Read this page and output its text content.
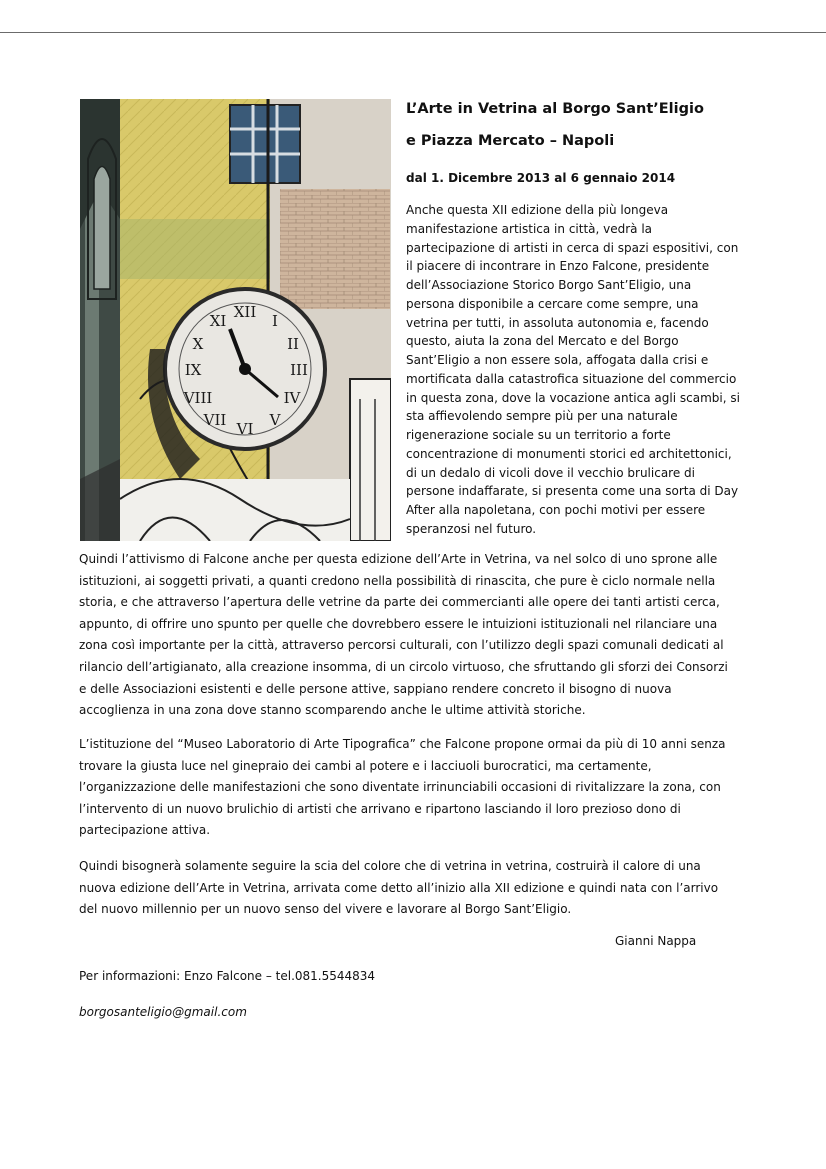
XII I
II
III
IV
V
VI
VII
VIII
IX
X
XI

L’Arte in Vetrina al Borgo Sant’Eligio

e Piazza Mercato – Napoli

dal 1. Dicembre 2013 al 6 gennaio 2014

Anche questa XII edizione della più longeva
manifestazione artistica in città, vedrà la
partecipazione di artisti in cerca di spazi espositivi, con
il piacere di incontrare in Enzo Falcone, presidente
dell’Associazione Storico Borgo Sant’Eligio, una
persona disponibile a cercare come sempre, una
vetrina per tutti, in assoluta autonomia e, facendo
questo, aiuta la zona del Mercato e del Borgo
Sant’Eligio a non essere sola, affogata dalla crisi e
mortificata dalla catastrofica situazione del commercio
in questa zona, dove la vocazione antica agli scambi, si
sta affievolendo sempre più per una naturale
rigenerazione sociale su un territorio a forte
concentrazione di monumenti storici ed architettonici,
di un dedalo di vicoli dove il vecchio brulicare di
persone indaffarate, si presenta come una sorta di Day
After alla napoletana, con pochi motivi per essere
speranzosi nel futuro.
Quindi l’attivismo di Falcone anche per questa edizione dell’Arte in Vetrina, va nel solco di uno sprone alle
istituzioni, ai soggetti privati, a quanti credono nella possibilità di rinascita, che pure è ciclo normale nella
storia, e che attraverso l’apertura delle vetrine da parte dei commercianti alle opere dei tanti artisti cerca,
appunto, di offrire uno spunto per quelle che dovrebbero essere le intuizioni istituzionali nel rilanciare una
zona così importante per la città, attraverso percorsi culturali, con l’utilizzo degli spazi comunali dedicati al
rilancio dell’artigianato, alla creazione insomma, di un circolo virtuoso, che sfruttando gli sforzi dei Consorzi
e delle Associazioni esistenti e delle persone attive, sappiano rendere concreto il bisogno di nuova
accoglienza in una zona dove stanno scomparendo anche le ultime attività storiche.
L’istituzione del “Museo Laboratorio di Arte Tipografica” che Falcone propone ormai da più di 10 anni senza
trovare la giusta luce nel ginepraio dei cambi al potere e i lacciuoli burocratici, ma certamente,
l’organizzazione delle manifestazioni che sono diventate irrinunciabili occasioni di rivitalizzare la zona, con
l’intervento di un nuovo brulichio di artisti che arrivano e ripartono lasciando il loro prezioso dono di
partecipazione attiva.
Quindi bisognerà solamente seguire la scia del colore che di vetrina in vetrina, costruirà il calore di una
nuova edizione dell’Arte in Vetrina, arrivata come detto all’inizio alla XII edizione e quindi nata con l’arrivo
del nuovo millennio per un nuovo senso del vivere e lavorare al Borgo Sant’Eligio.

Gianni Nappa

Per informazioni: Enzo Falcone – tel.081.5544834

borgosanteligio@gmail.com
